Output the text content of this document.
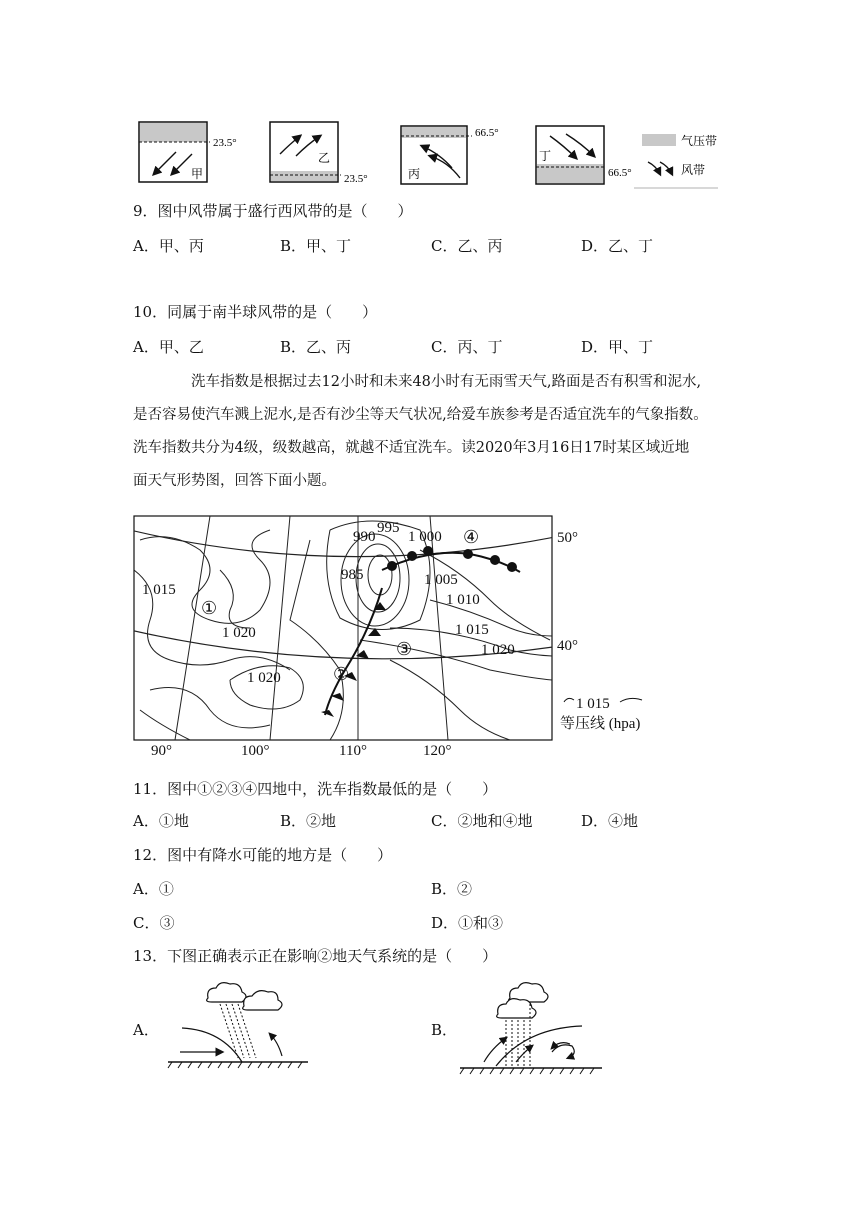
23.5°
甲	23.5°
乙
66.5°
丙	66.5°
丁
气压带
风带
9．图中风带属于盛行西风带的是（　　）
A．甲、丙	B．甲、丁	C．乙、丙	D．乙、丁
10．同属于南半球风带的是（　　）
A．甲、乙	B．乙、丙	C．丙、丁	D．甲、丁

洗车指数是根据过去12小时和未来48小时有无雨雪天气,路面是否有积雪和泥水,

是否容易使汽车溅上泥水,是否有沙尘等天气状况,给爱车族参考是否适宜洗车的气象指数。

洗车指数共分为4级，级数越高，就越不适宜洗车。读2020年3月16日17时某区域近地

面天气形势图，回答下面小题。

995
990 1 000
985	1 005
1 010
1 015
1 020
1 020
1 015
1 020
①
②
③
④	50°
40°
90°	100°	110°	120°
1 015
等压线 (hpa)
11．图中①②③④四地中，洗车指数最低的是（　　）
A．①地	B．②地	C．②地和④地	D．④地
12．图中有降水可能的地方是（　　）
A．①	B．②
C．③	D．①和③
13．下图正确表示正在影响②地天气系统的是（　　）
A．	B．
